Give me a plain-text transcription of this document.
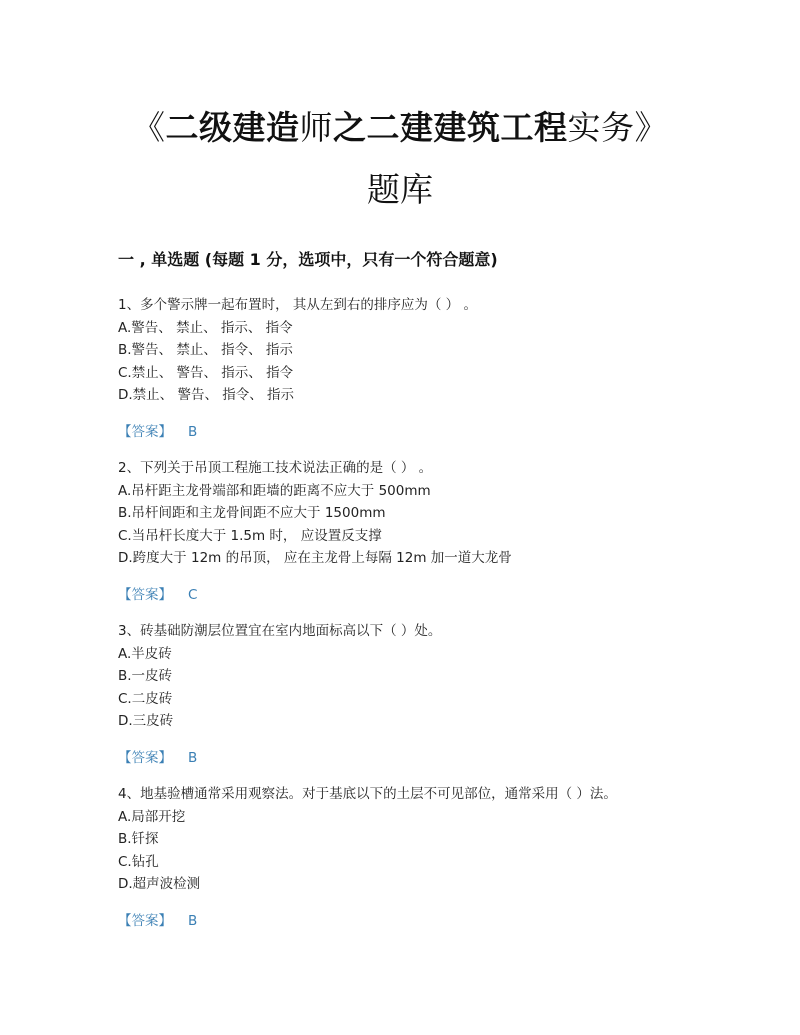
《二级建造师之二建建筑工程实务》
题库
一 , 单选题 (每题 1 分，选项中，只有一个符合题意)
1、多个警示牌一起布置时， 其从左到右的排序应为（ ） 。
A.警告、 禁止、 指示、 指令
B.警告、 禁止、 指令、 指示
C.禁止、 警告、 指示、 指令
D.禁止、 警告、 指令、 指示
【答案】 B
2、下列关于吊顶工程施工技术说法正确的是（ ） 。
A.吊杆距主龙骨端部和距墙的距离不应大于 500mm
B.吊杆间距和主龙骨间距不应大于 1500mm
C.当吊杆长度大于 1.5m 时， 应设置反支撑
D.跨度大于 12m 的吊顶， 应在主龙骨上每隔 12m 加一道大龙骨
【答案】 C
3、砖基础防潮层位置宜在室内地面标高以下（ ）处。
A.半皮砖
B.一皮砖
C.二皮砖
D.三皮砖
【答案】 B
4、地基验槽通常采用观察法。对于基底以下的土层不可见部位，通常采用（ ）法。
A.局部开挖
B.钎探
C.钻孔
D.超声波检测
【答案】 B
